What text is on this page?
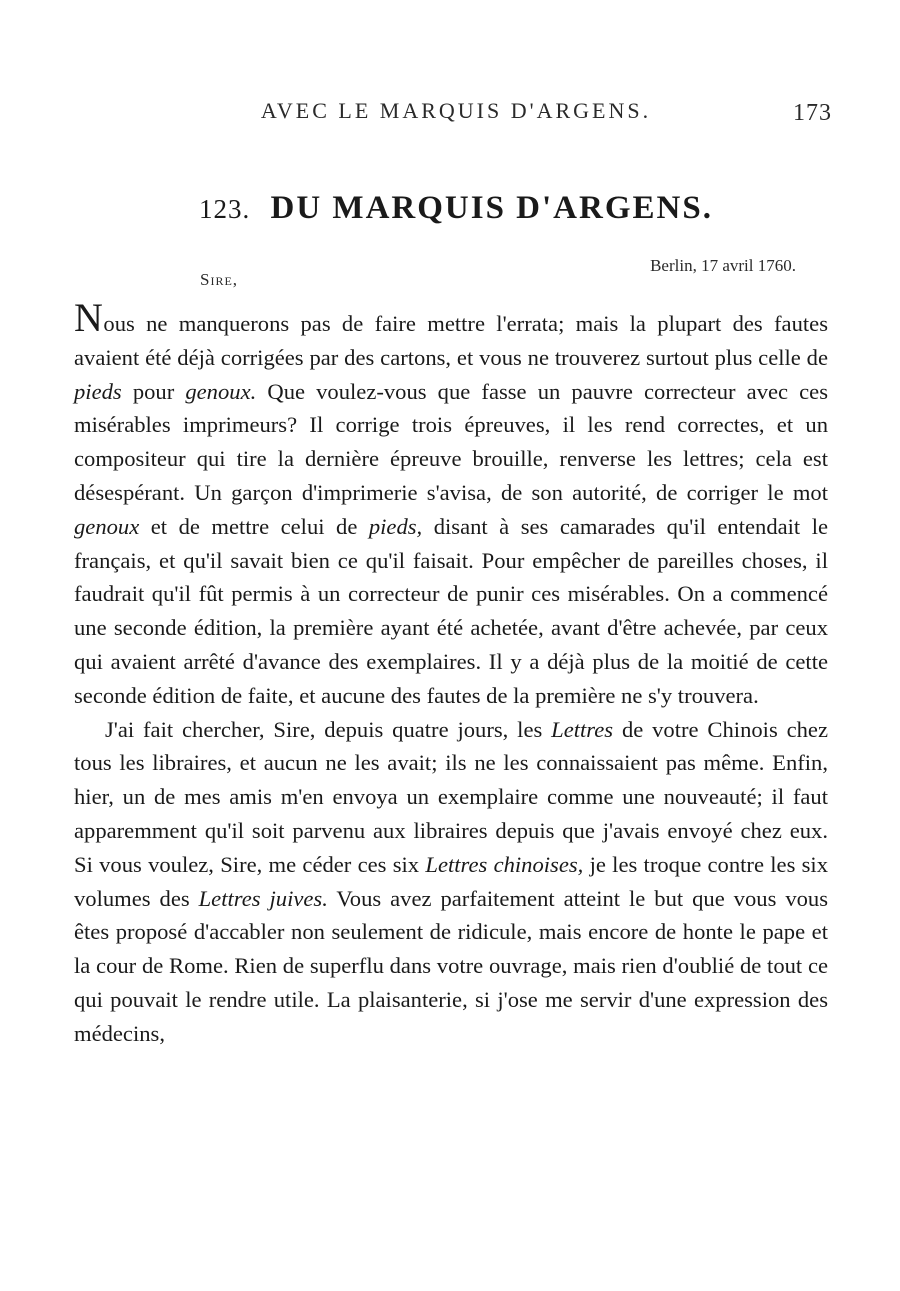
AVEC LE MARQUIS D'ARGENS.	173
123. DU MARQUIS D'ARGENS.
Berlin, 17 avril 1760.
Sire,

Nous ne manquerons pas de faire mettre l'errata; mais la plupart des fautes avaient été déjà corrigées par des cartons, et vous ne trouverez surtout plus celle de pieds pour genoux. Que voulez-vous que fasse un pauvre correcteur avec ces misérables imprimeurs? Il corrige trois épreuves, il les rend correctes, et un compositeur qui tire la dernière épreuve brouille, renverse les lettres; cela est désespérant. Un garçon d'imprimerie s'avisa, de son autorité, de corriger le mot genoux et de mettre celui de pieds, disant à ses camarades qu'il entendait le français, et qu'il savait bien ce qu'il faisait. Pour empêcher de pareilles choses, il faudrait qu'il fût permis à un correcteur de punir ces misérables. On a commencé une seconde édition, la première ayant été achetée, avant d'être achevée, par ceux qui avaient arrêté d'avance des exemplaires. Il y a déjà plus de la moitié de cette seconde édition de faite, et aucune des fautes de la première ne s'y trouvera.

J'ai fait chercher, Sire, depuis quatre jours, les Lettres de votre Chinois chez tous les libraires, et aucun ne les avait; ils ne les connaissaient pas même. Enfin, hier, un de mes amis m'en envoya un exemplaire comme une nouveauté; il faut apparemment qu'il soit parvenu aux libraires depuis que j'avais envoyé chez eux. Si vous voulez, Sire, me céder ces six Lettres chinoises, je les troque contre les six volumes des Lettres juives. Vous avez parfaitement atteint le but que vous vous êtes proposé d'accabler non seulement de ridicule, mais encore de honte le pape et la cour de Rome. Rien de superflu dans votre ouvrage, mais rien d'oublié de tout ce qui pouvait le rendre utile. La plaisanterie, si j'ose me servir d'une expression des médecins,
